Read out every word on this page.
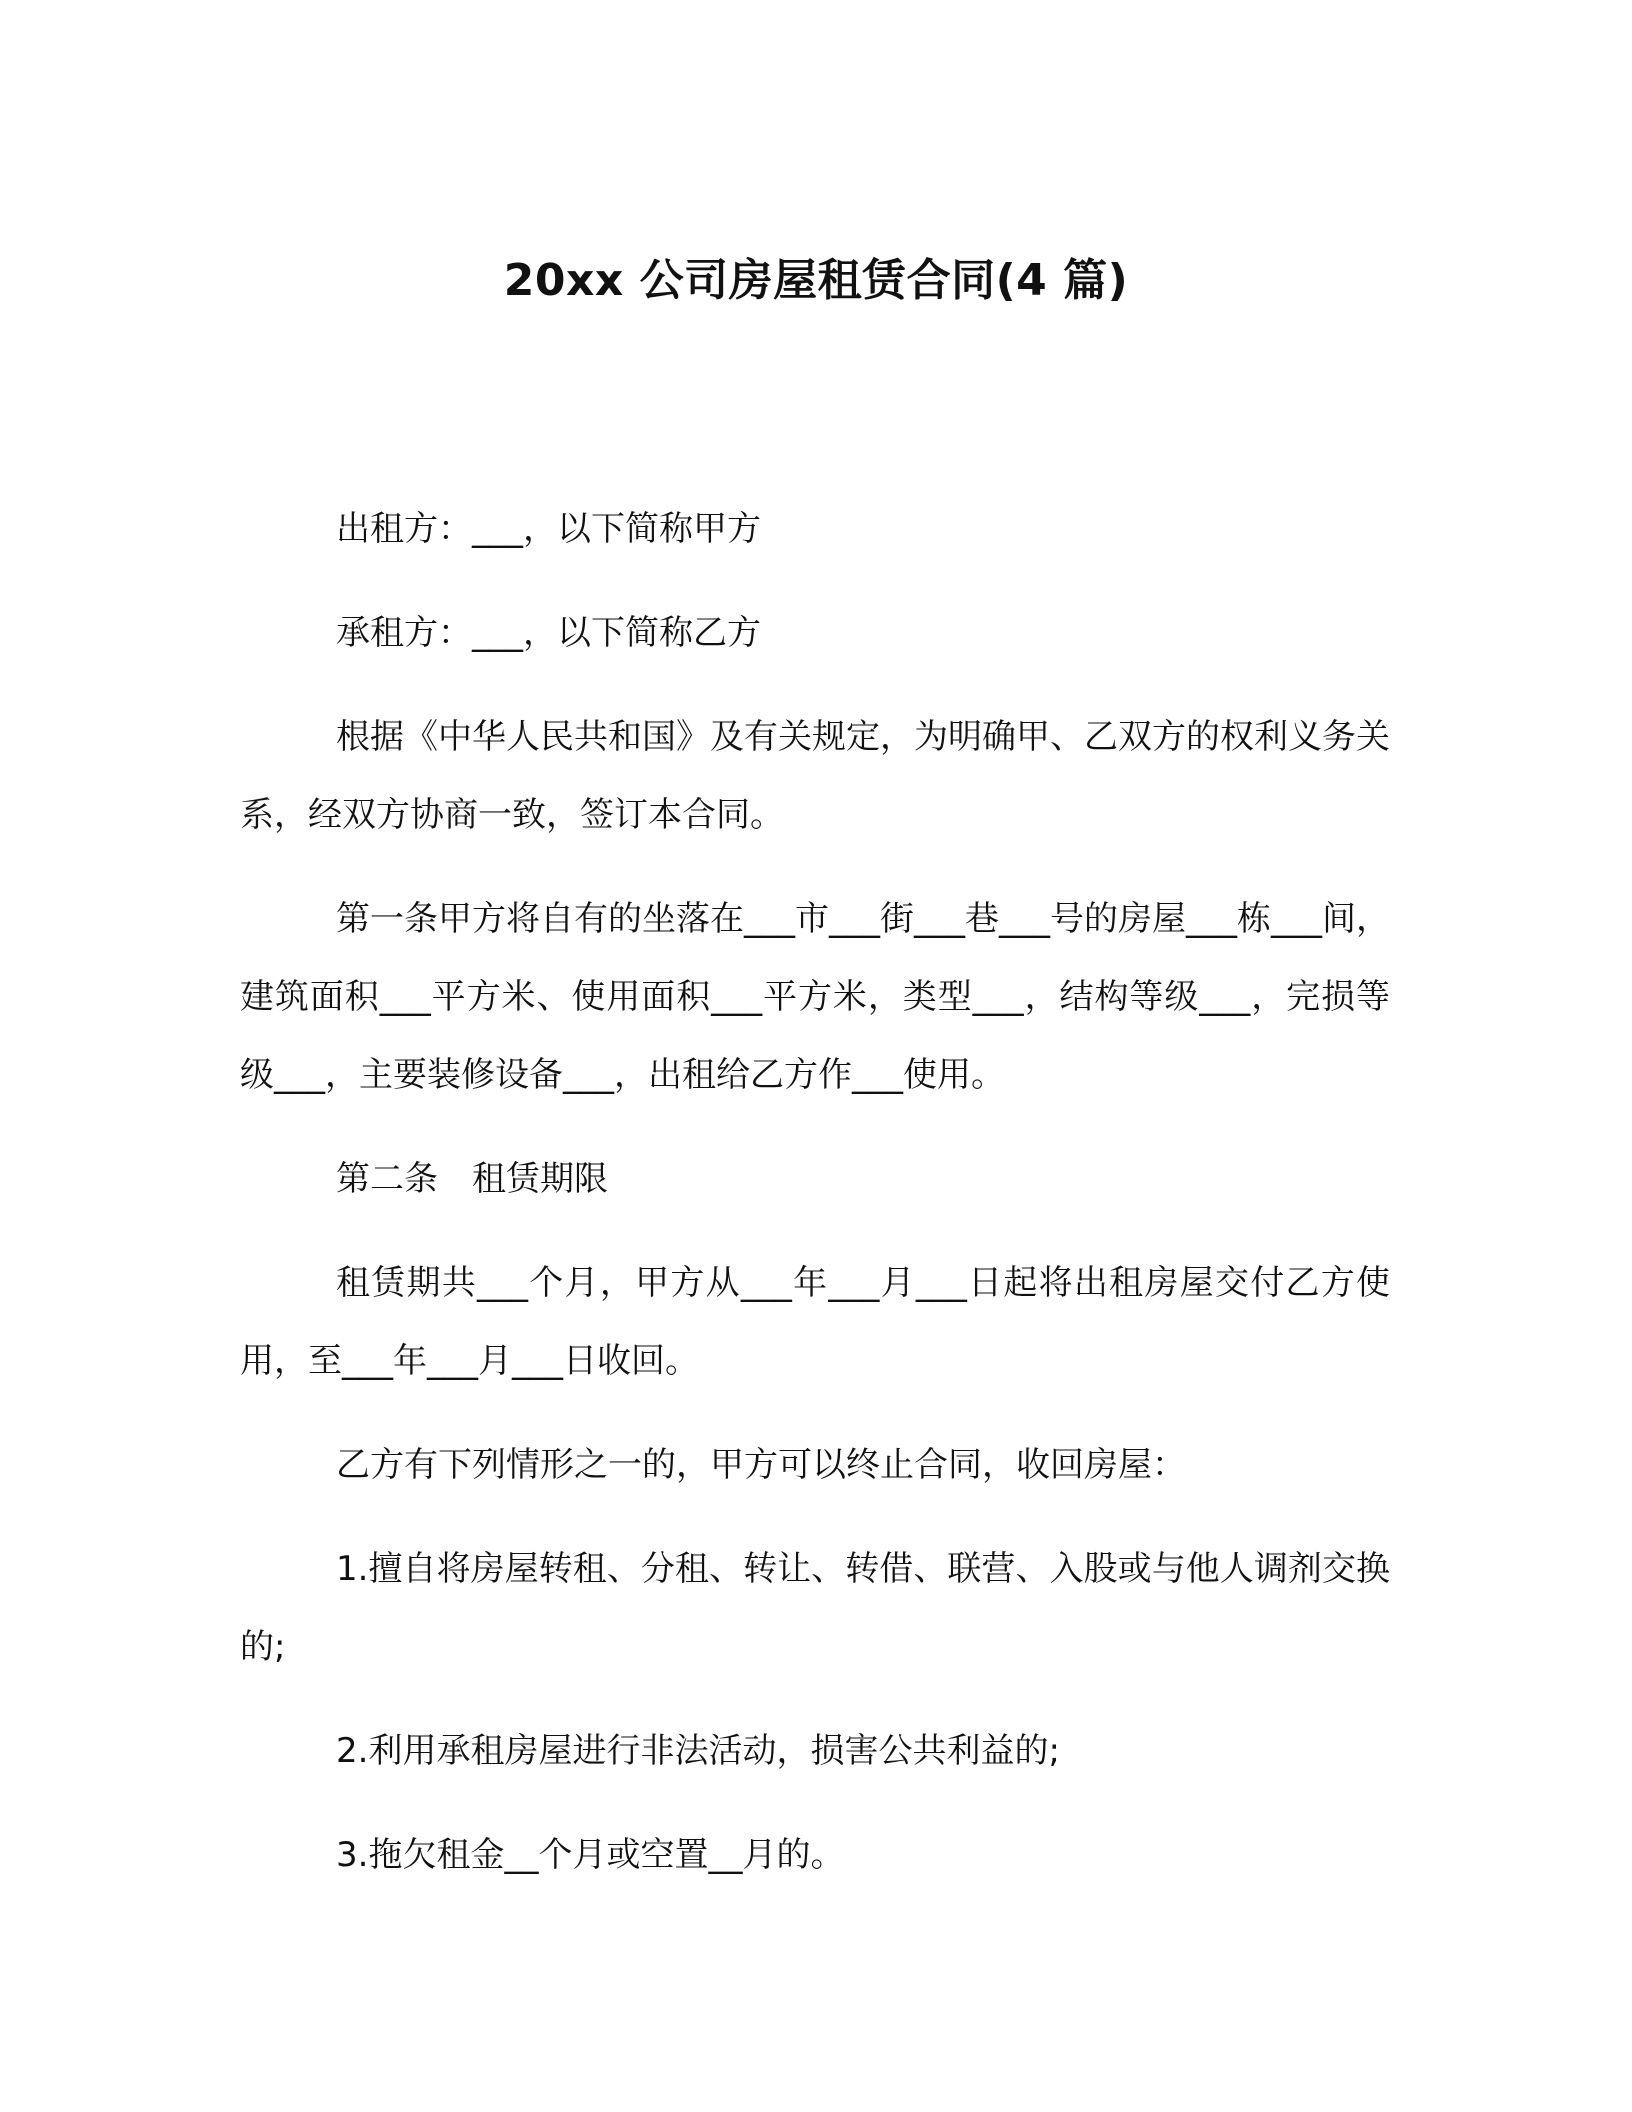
20xx 公司房屋租赁合同(4 篇)

出租方：___，以下简称甲方

承租方：___，以下简称乙方

根据《中华人民共和国》及有关规定，为明确甲、乙双方的权利义务关系，经双方协商一致，签订本合同。

第一条甲方将自有的坐落在___市___街___巷___号的房屋___栋___间，建筑面积___平方米、使用面积___平方米，类型___，结构等级___，完损等级___，主要装修设备___，出租给乙方作___使用。

第二条　租赁期限

租赁期共___个月，甲方从___年___月___日起将出租房屋交付乙方使用，至___年___月___日收回。

乙方有下列情形之一的，甲方可以终止合同，收回房屋：

1.擅自将房屋转租、分租、转让、转借、联营、入股或与他人调剂交换的;

2.利用承租房屋进行非法活动，损害公共利益的;

3.拖欠租金__个月或空置__月的。
